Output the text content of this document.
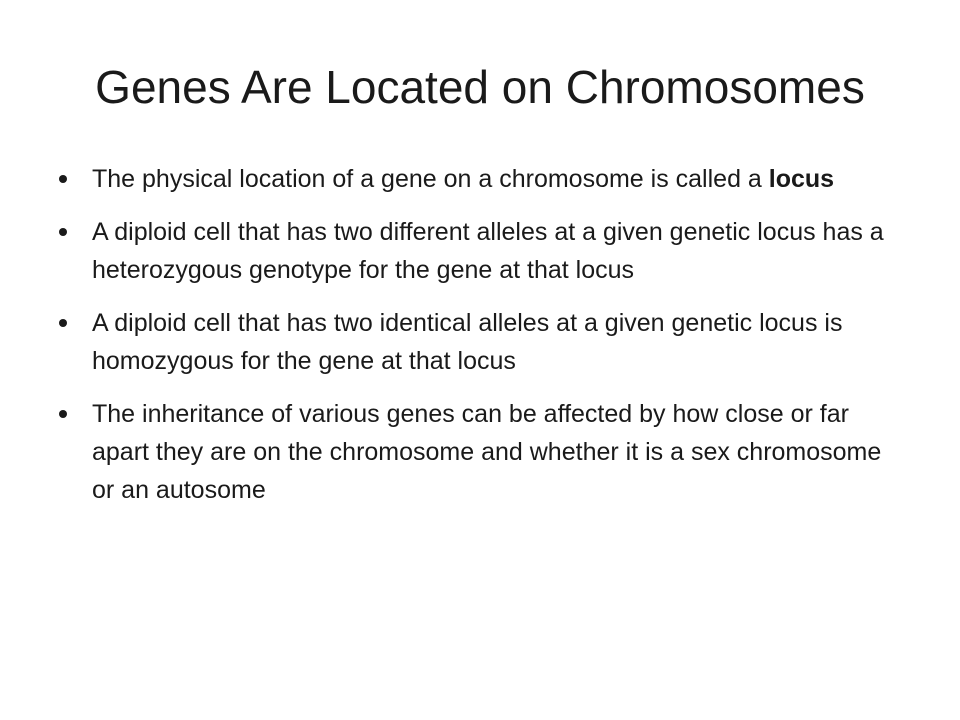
Genes Are Located on Chromosomes
The physical location of a gene on a chromosome is called a locus
A diploid cell that has two different alleles at a given genetic locus has a heterozygous genotype for the gene at that locus
A diploid cell that has two identical alleles at a given genetic locus is homozygous for the gene at that locus
The inheritance of various genes can be affected by how close or far apart they are on the chromosome and whether it is a sex chromosome or an autosome
